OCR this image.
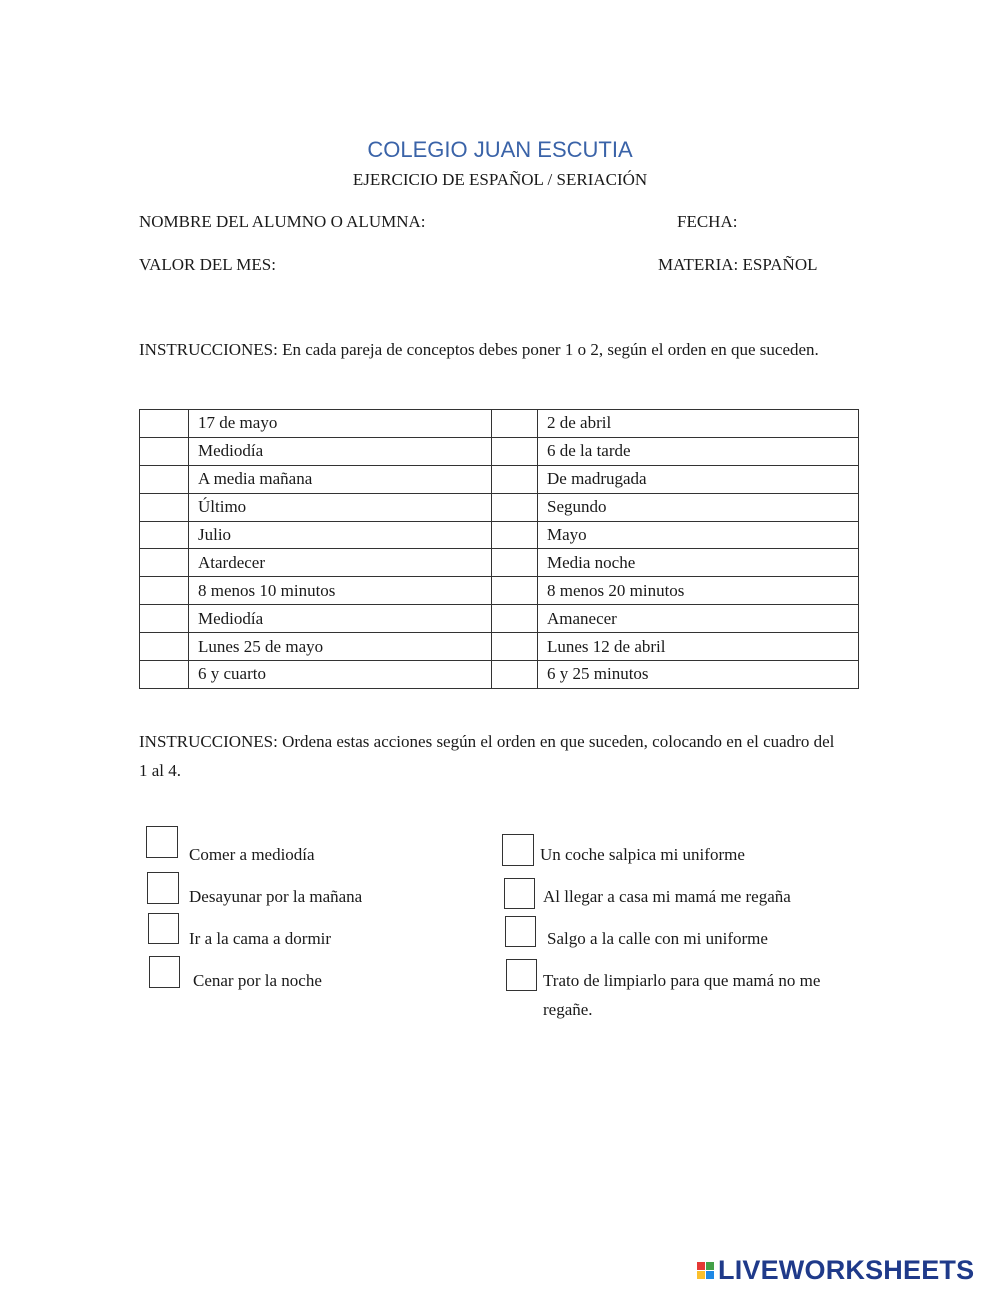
COLEGIO JUAN ESCUTIA
EJERCICIO DE ESPAÑOL / SERIACIÓN
NOMBRE DEL ALUMNO O ALUMNA:	FECHA:
VALOR DEL MES:	MATERIA: ESPAÑOL
INSTRUCCIONES: En cada pareja de conceptos debes poner 1 o 2, según el orden en que suceden.
	17 de mayo		2 de abril
	Mediodía		6 de la tarde
	A media mañana		De madrugada
	Último		Segundo
	Julio		Mayo
	Atardecer		Media noche
	8 menos 10 minutos		8 menos 20 minutos
	Mediodía		Amanecer
	Lunes 25 de mayo		Lunes 12 de abril
	6 y cuarto		6 y 25 minutos
INSTRUCCIONES: Ordena estas acciones según el orden en que suceden, colocando en el cuadro del 1 al 4.
Comer a mediodía
Desayunar por la mañana
Ir a la cama a dormir
Cenar por la noche
Un coche salpica mi uniforme
Al llegar a casa mi mamá me regaña
Salgo a la calle con mi uniforme
Trato de limpiarlo para que mamá no me regañe.
LIVEWORKSHEETS
